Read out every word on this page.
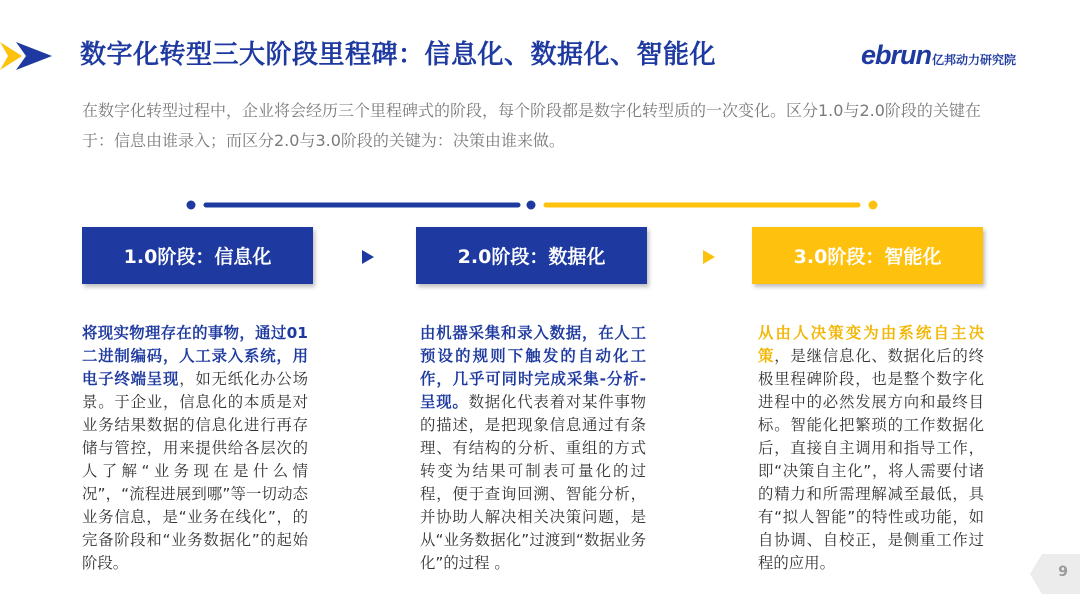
数字化转型三大阶段里程碑：信息化、数据化、智能化	ebrun 亿邦动力研究院
在数字化转型过程中，企业将会经历三个里程碑式的阶段，每个阶段都是数字化转型质的一次变化。区分1.0与2.0阶段的关键在于：信息由谁录入；而区分2.0与3.0阶段的关键为：决策由谁来做。
1.0阶段：信息化	2.0阶段：数据化	3.0阶段：智能化
将现实物理存在的事物，通过01二进制编码，人工录入系统，用电子终端呈现，如无纸化办公场景。于企业，信息化的本质是对业务结果数据的信息化进行再存储与管控，用来提供给各层次的人了解“业务现在是什么情况”，“流程进展到哪”等一切动态业务信息，是“业务在线化”，的完备阶段和“业务数据化”的起始阶段。
由机器采集和录入数据，在人工预设的规则下触发的自动化工作，几乎可同时完成采集-分析-呈现。数据化代表着对某件事物的描述，是把现象信息通过有条理、有结构的分析、重组的方式转变为结果可制表可量化的过程，便于查询回溯、智能分析，并协助人解决相关决策问题，是从“业务数据化”过渡到“数据业务化”的过程 。
从由人决策变为由系统自主决策，是继信息化、数据化后的终极里程碑阶段，也是整个数字化进程中的必然发展方向和最终目标。智能化把繁琐的工作数据化后，直接自主调用和指导工作，即“决策自主化”，将人需要付诸的精力和所需理解减至最低，具有“拟人智能”的特性或功能，如自协调、自校正，是侧重工作过程的应用。	9
